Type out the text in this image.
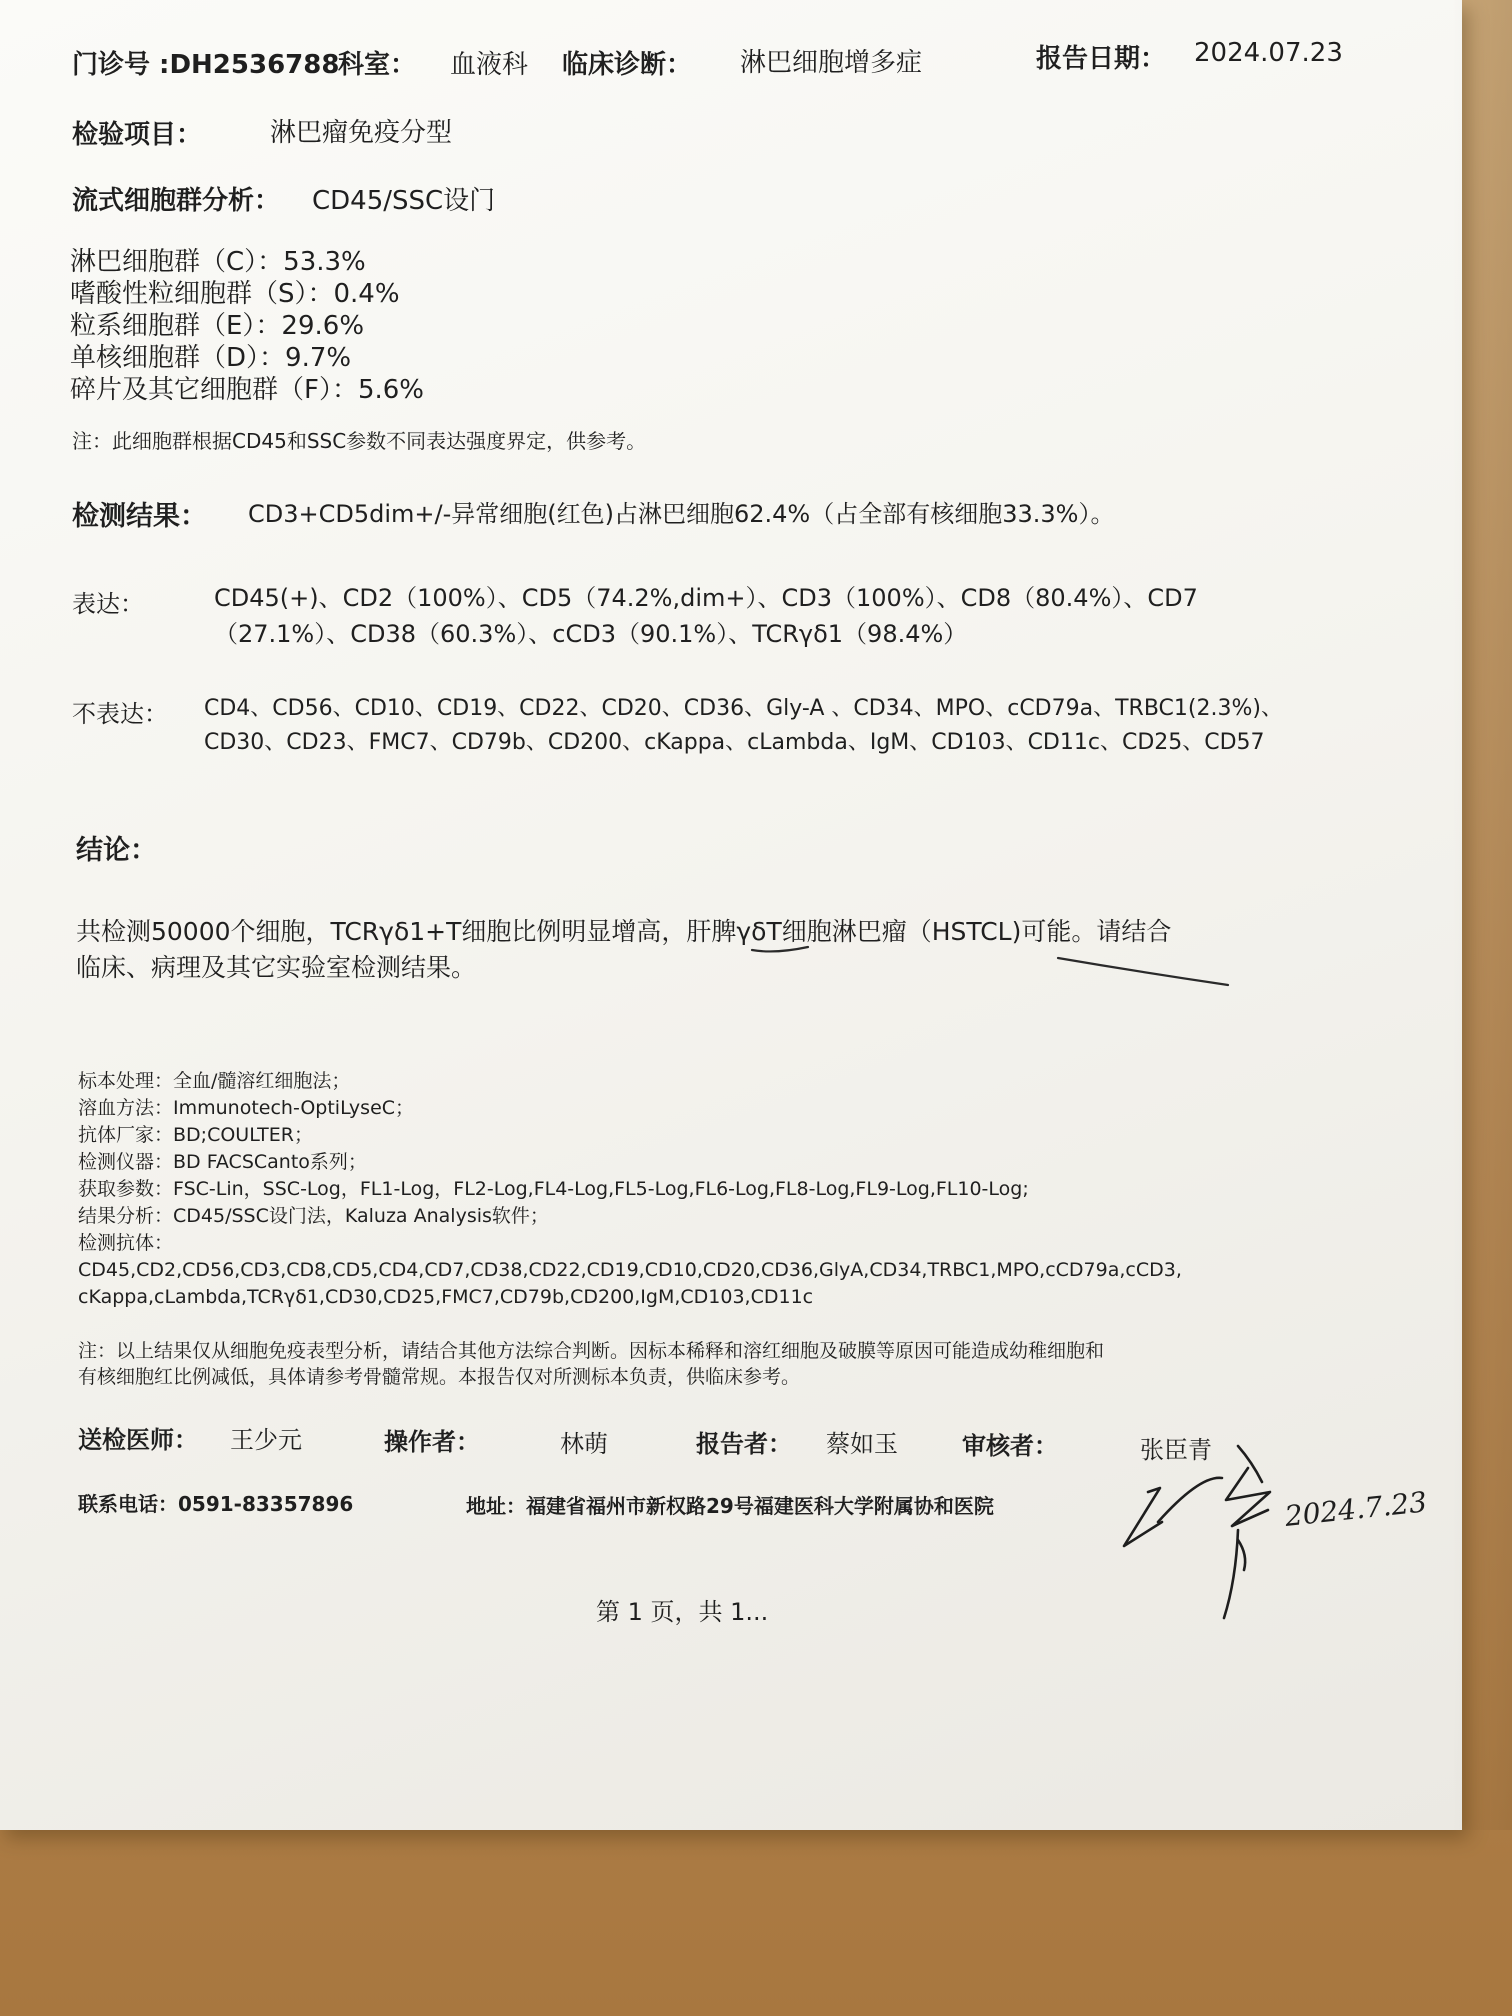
门诊号 :DH2536788
科室： 血液科 临床诊断： 淋巴细胞增多症	报告日期： 2024.07.23
检验项目：	淋巴瘤免疫分型
流式细胞群分析： CD45/SSC设门
淋巴细胞群（C）：53.3%
嗜酸性粒细胞群（S）：0.4%
粒系细胞群（E）：29.6%
单核细胞群（D）：9.7%
碎片及其它细胞群（F）：5.6%
注：此细胞群根据CD45和SSC参数不同表达强度界定，供参考。
检测结果： CD3+CD5dim+/-异常细胞(红色)占淋巴细胞62.4%（占全部有核细胞33.3%）。
表达：	CD45(+)、CD2（100%）、CD5（74.2%,dim+）、CD3（100%）、CD8（80.4%）、CD7
（27.1%）、CD38（60.3%）、cCD3（90.1%）、TCRγδ1（98.4%）
不表达： CD4、CD56、CD10、CD19、CD22、CD20、CD36、Gly-A 、CD34、MPO、cCD79a、TRBC1(2.3%)、
CD30、CD23、FMC7、CD79b、CD200、cKappa、cLambda、IgM、CD103、CD11c、CD25、CD57
结论：
共检测50000个细胞，TCRγδ1+T细胞比例明显增高，肝脾γδT细胞淋巴瘤（HSTCL)可能。请结合
临床、病理及其它实验室检测结果。
标本处理：全血/髓溶红细胞法；
溶血方法：Immunotech-OptiLyseC；
抗体厂家：BD;COULTER；
检测仪器：BD FACSCanto系列；
获取参数：FSC-Lin，SSC-Log，FL1-Log，FL2-Log,FL4-Log,FL5-Log,FL6-Log,FL8-Log,FL9-Log,FL10-Log;
结果分析：CD45/SSC设门法，Kaluza Analysis软件；
检测抗体：
CD45,CD2,CD56,CD3,CD8,CD5,CD4,CD7,CD38,CD22,CD19,CD10,CD20,CD36,GlyA,CD34,TRBC1,MPO,cCD79a,cCD3,
cKappa,cLambda,TCRγδ1,CD30,CD25,FMC7,CD79b,CD200,IgM,CD103,CD11c
注：以上结果仅从细胞免疫表型分析，请结合其他方法综合判断。因标本稀释和溶红细胞及破膜等原因可能造成幼稚细胞和
有核细胞红比例减低，具体请参考骨髓常规。本报告仅对所测标本负责，供临床参考。
送检医师： 王少元	操作者：	林萌	报告者： 蔡如玉	审核者：	张臣青
联系电话：0591-83357896	地址：福建省福州市新权路29号福建医科大学附属协和医院
第 1 页，共 1...
2024.7.23
